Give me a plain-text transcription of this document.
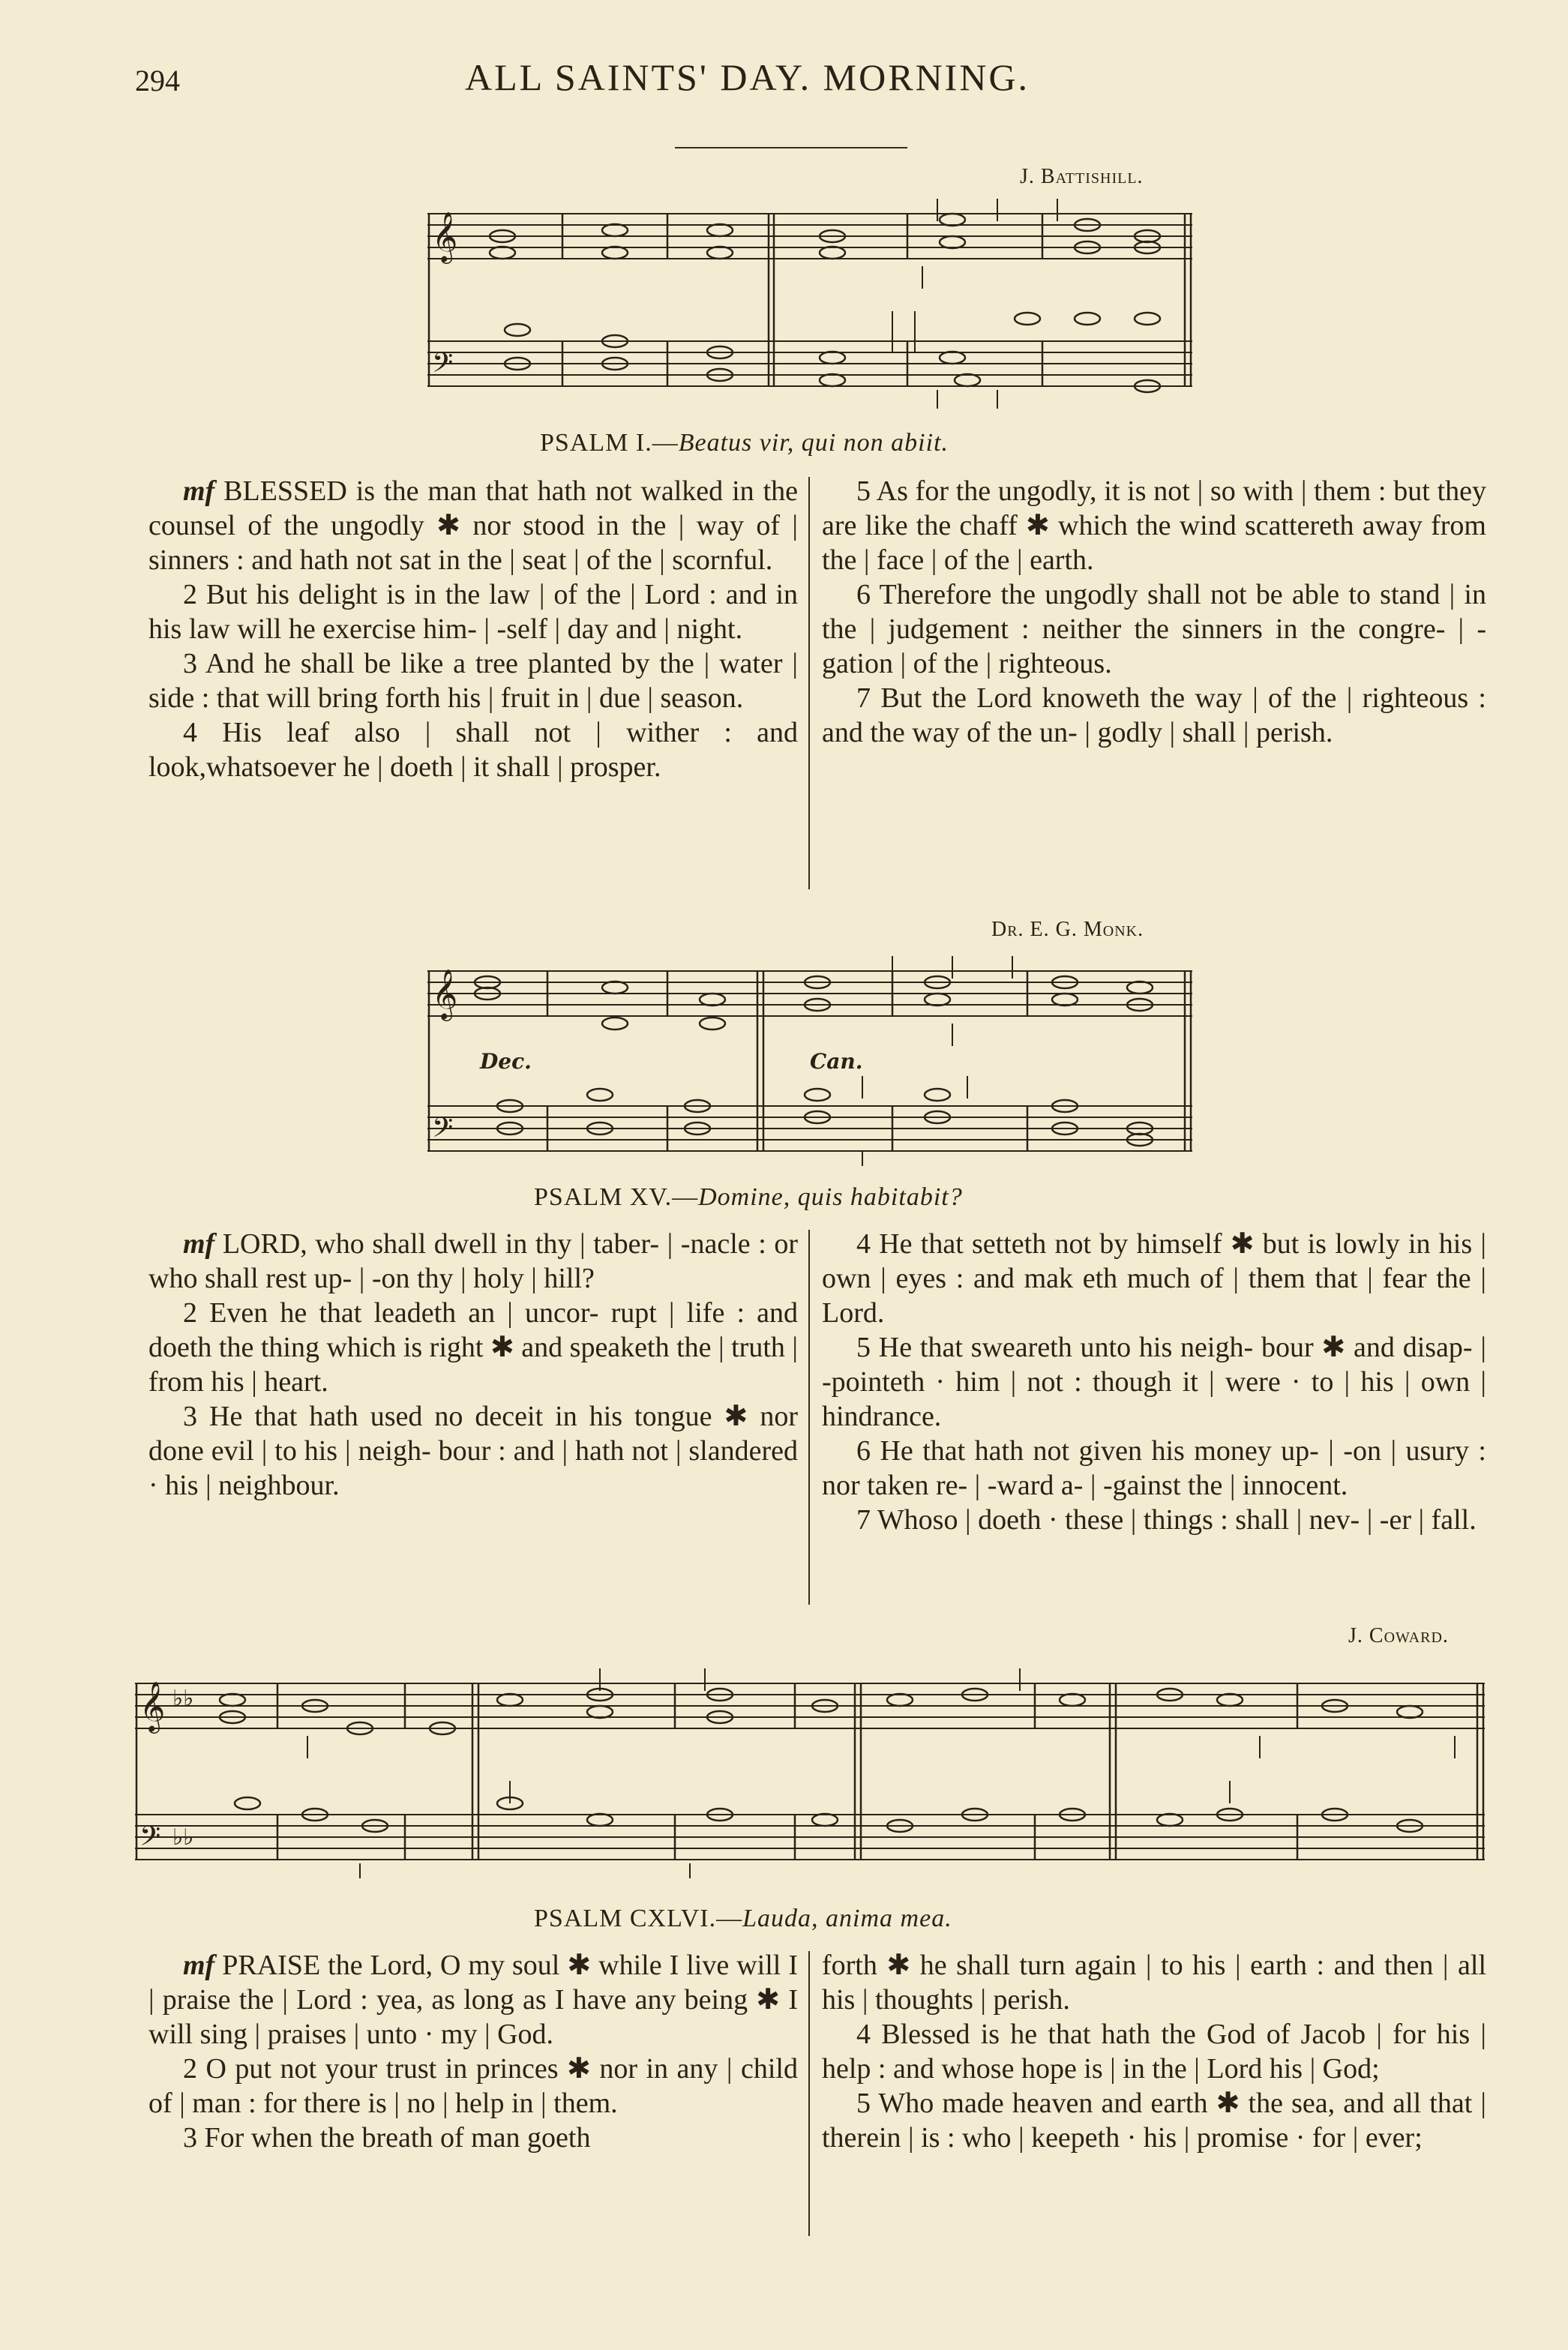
294	ALL SAINTS' DAY. MORNING.
J. Battishill.
𝄞
𝄢
PSALM I.—Beatus vir, qui non abiit.

mf BLESSED is the man that hath not walked in the counsel of the ungodly ✱ nor stood in the | way of | sinners : and hath not sat in the | seat | of the | scornful.

2 But his delight is in the law | of the | Lord : and in his law will he exercise him- | -self | day and | night.

3 And he shall be like a tree planted by the | water | side : that will bring forth his | fruit in | due | season.

4 His leaf also | shall not | wither : and look,whatsoever he | doeth | it shall | prosper.

5 As for the ungodly, it is not | so with | them : but they are like the chaff ✱ which the wind scattereth away from the | face | of the | earth.

6 Therefore the ungodly shall not be able to stand | in the | judgement : neither the sinners in the congre- | -gation | of the | righteous.

7 But the Lord knoweth the way | of the | righteous : and the way of the un- | godly | shall | perish.

Dr. E. G. Monk.
𝄞
𝄢
Dec.	Can.
PSALM XV.—Domine, quis habitabit?

mf LORD, who shall dwell in thy | taber- | -nacle : or who shall rest up- | -on thy | holy | hill?

2 Even he that leadeth an | uncor- rupt | life : and doeth the thing which is right ✱ and speaketh the | truth | from his | heart.

3 He that hath used no deceit in his tongue ✱ nor done evil | to his | neigh- bour : and | hath not | slandered · his | neighbour.

4 He that setteth not by himself ✱ but is lowly in his | own | eyes : and mak eth much of | them that | fear the | Lord.

5 He that sweareth unto his neigh- bour ✱ and disap- | -pointeth · him | not : though it | were · to | his | own | hindrance.

6 He that hath not given his money up- | -on | usury : nor taken re- | -ward a- | -gainst the | innocent.

7 Whoso | doeth · these | things : shall | nev- | -er | fall.

J. Coward.
𝄞 ♭♭
𝄢 ♭♭
PSALM CXLVI.—Lauda, anima mea.

mf PRAISE the Lord, O my soul ✱ while I live will I | praise the | Lord : yea, as long as I have any being ✱ I will sing | praises | unto · my | God.

2 O put not your trust in princes ✱ nor in any | child of | man : for there is | no | help in | them.

3 For when the breath of man goeth

forth ✱ he shall turn again | to his | earth : and then | all his | thoughts | perish.

4 Blessed is he that hath the God of Jacob | for his | help : and whose hope is | in the | Lord his | God;

5 Who made heaven and earth ✱ the sea, and all that | therein | is : who | keepeth · his | promise · for | ever;
